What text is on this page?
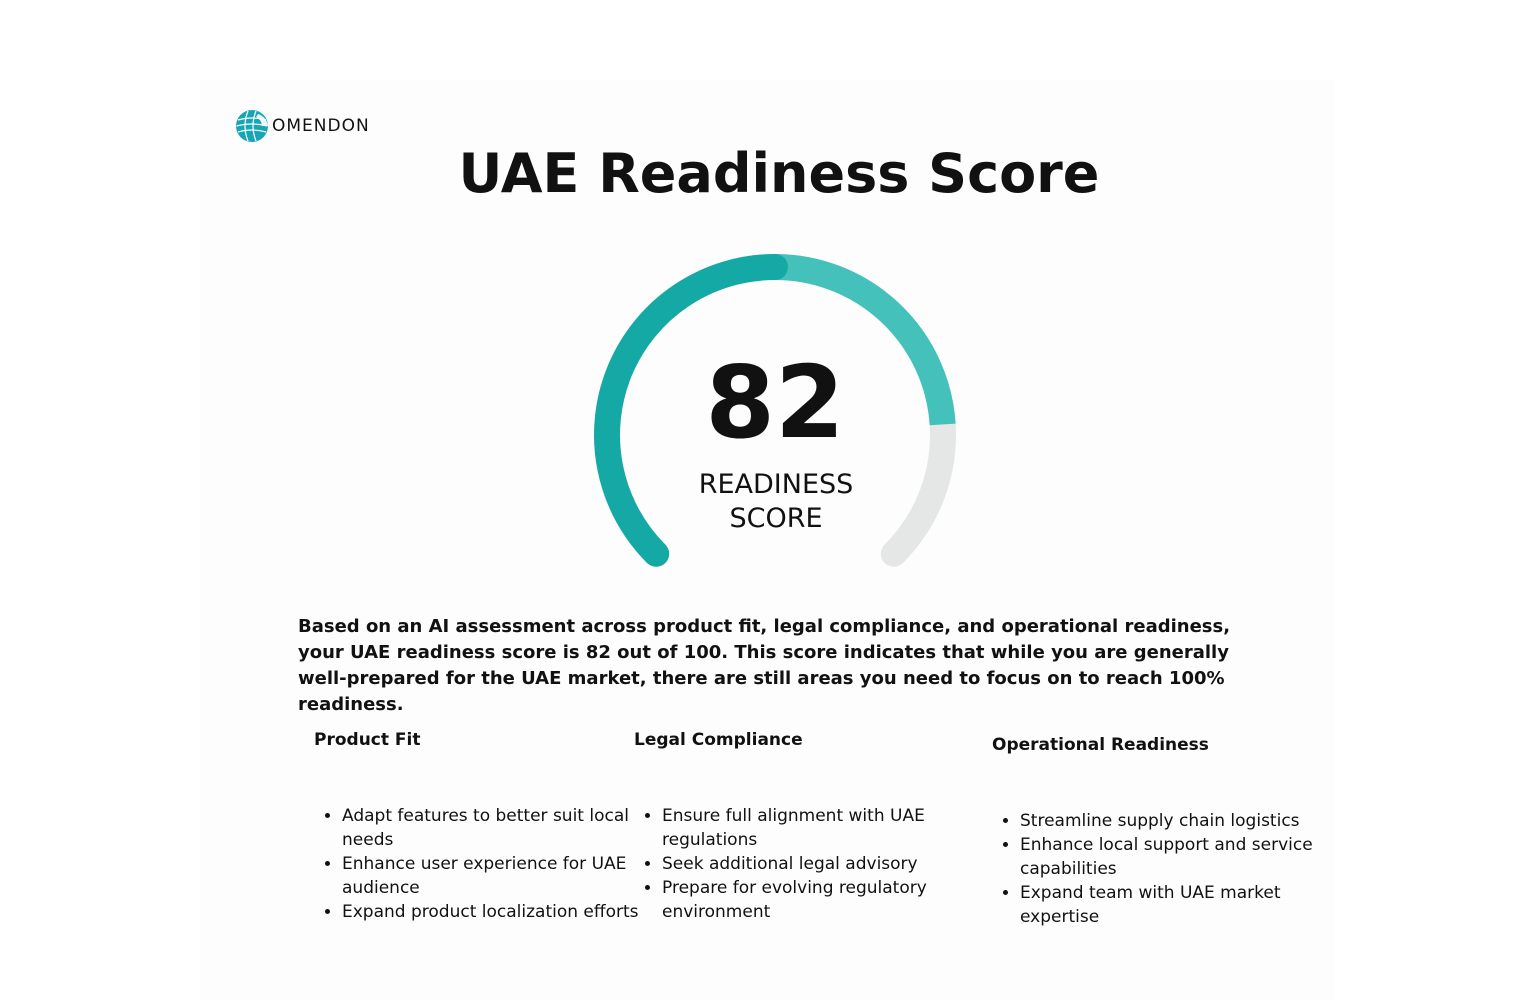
OMENDON
UAE Readiness Score
82
READINESS
SCORE
Based on an AI assessment across product fit, legal compliance, and operational readiness, your UAE readiness score is 82 out of 100. This score indicates that while you are generally well-prepared for the UAE market, there are still areas you need to focus on to reach 100% readiness.
Product Fit
• Adapt features to better suit local needs
• Enhance user experience for UAE audience
• Expand product localization efforts
Legal Compliance
• Ensure full alignment with UAE regulations
• Seek additional legal advisory
• Prepare for evolving regulatory environment
Operational Readiness
• Streamline supply chain logistics
• Enhance local support and service capabilities
• Expand team with UAE market expertise
